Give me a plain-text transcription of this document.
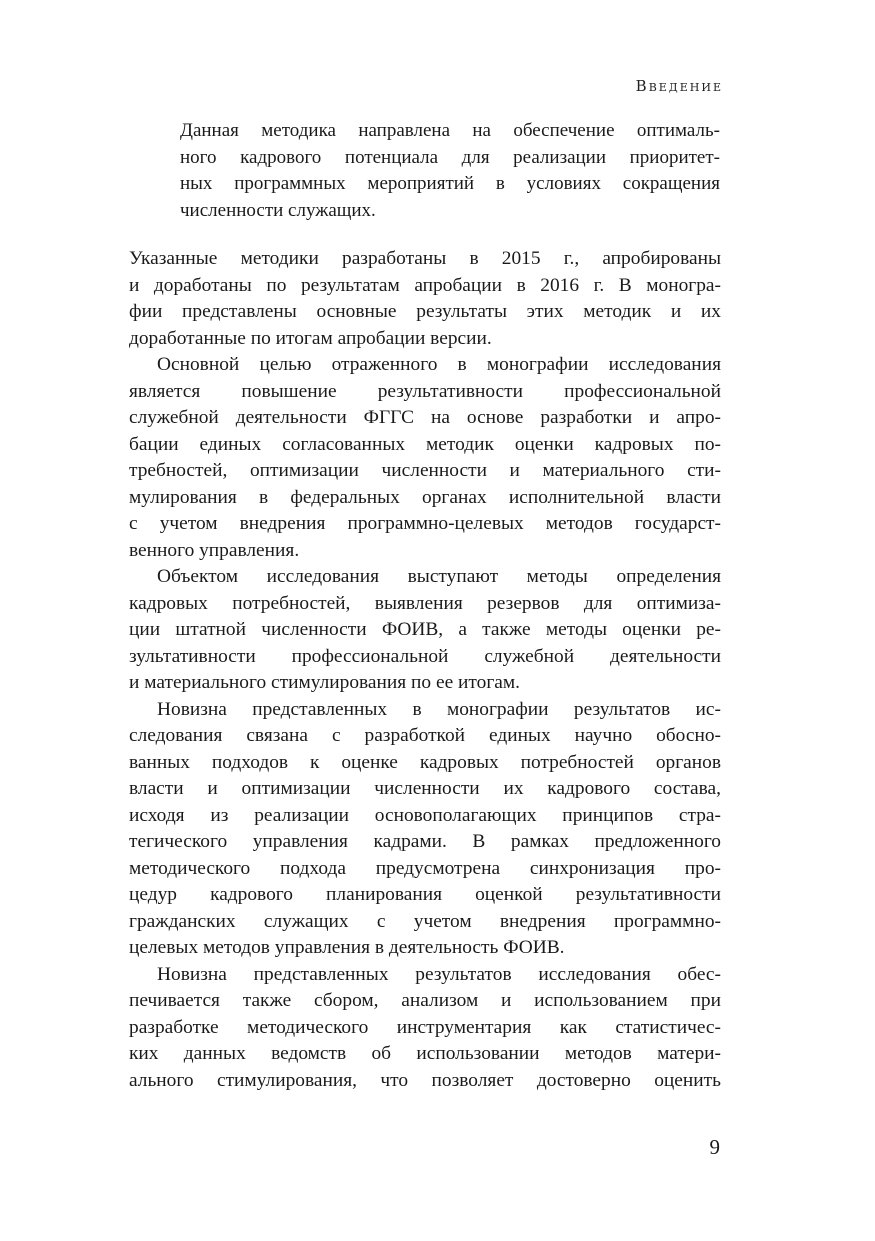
Введение
Данная методика направлена на обеспечение оптималь-
ного кадрового потенциала для реализации приоритет-
ных программных мероприятий в условиях сокращения
численности служащих.
Указанные методики разработаны в 2015 г., апробированы
и доработаны по результатам апробации в 2016 г. В моногра-
фии представлены основные результаты этих методик и их
доработанные по итогам апробации версии.
Основной целью отраженного в монографии исследования
является повышение результативности профессиональной
служебной деятельности ФГГС на основе разработки и апро-
бации единых согласованных методик оценки кадровых по-
требностей, оптимизации численности и материального сти-
мулирования в федеральных органах исполнительной власти
с учетом внедрения программно-целевых методов государст-
венного управления.
Объектом исследования выступают методы определения
кадровых потребностей, выявления резервов для оптимиза-
ции штатной численности ФОИВ, а также методы оценки ре-
зультативности профессиональной служебной деятельности
и материального стимулирования по ее итогам.
Новизна представленных в монографии результатов ис-
следования связана с разработкой единых научно обосно-
ванных подходов к оценке кадровых потребностей органов
власти и оптимизации численности их кадрового состава,
исходя из реализации основополагающих принципов стра-
тегического управления кадрами. В рамках предложенного
методического подхода предусмотрена синхронизация про-
цедур кадрового планирования оценкой результативности
гражданских служащих с учетом внедрения программно-
целевых методов управления в деятельность ФОИВ.
Новизна представленных результатов исследования обес-
печивается также сбором, анализом и использованием при
разработке методического инструментария как статистичес-
ких данных ведомств об использовании методов матери-
ального стимулирования, что позволяет достоверно оценить
9
